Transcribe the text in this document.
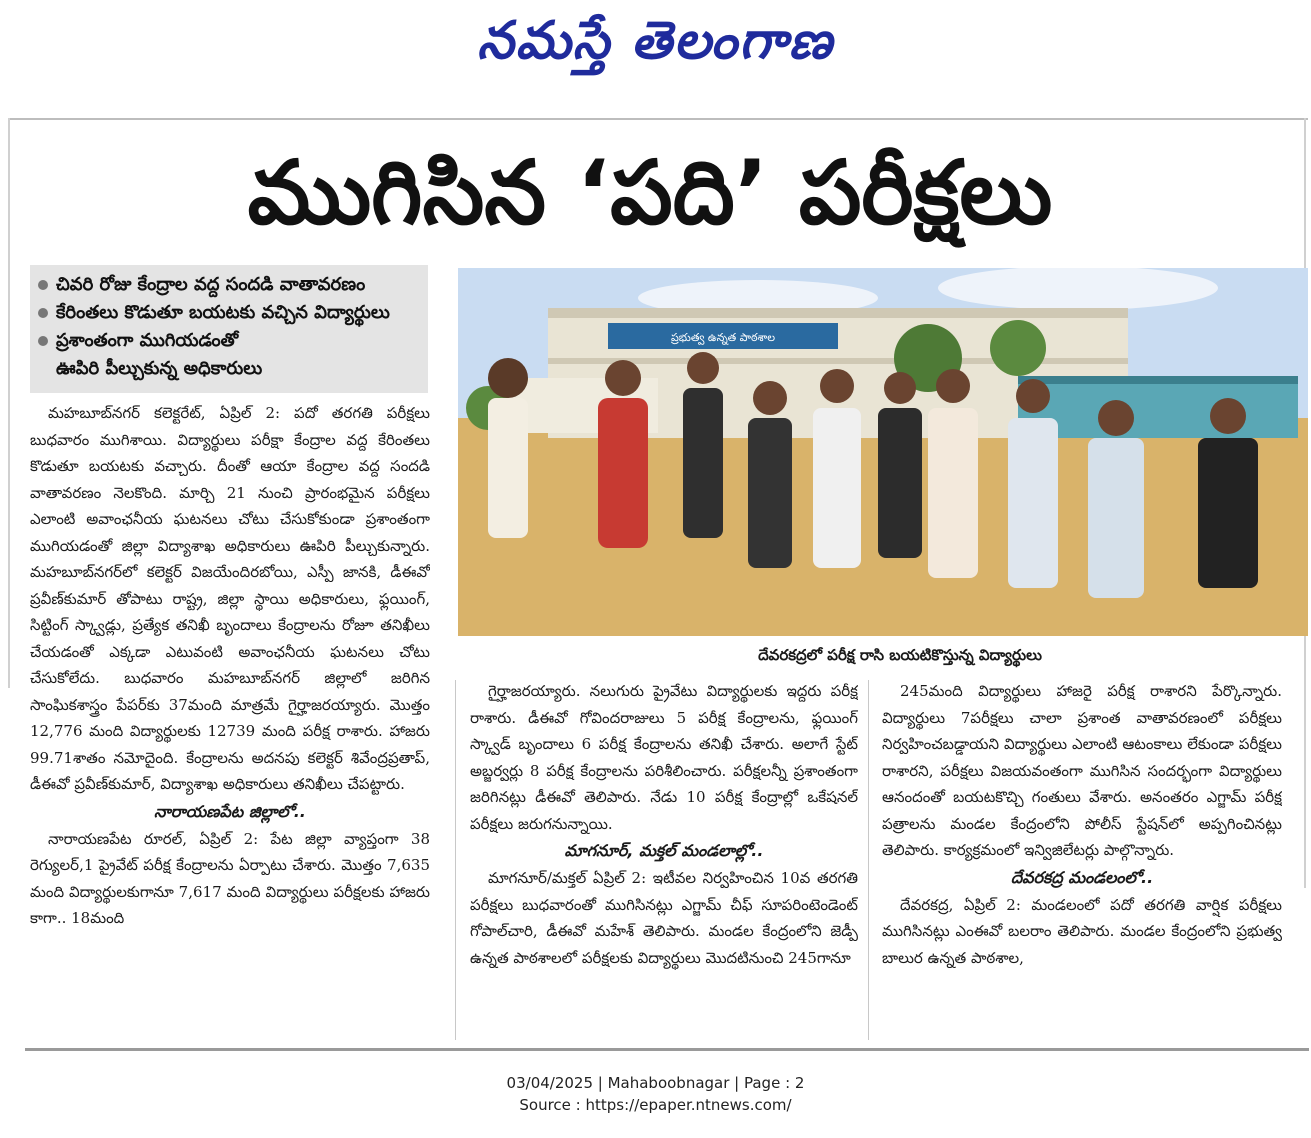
నమస్తే తెలంగాణ
ముగిసిన ‘పది’ పరీక్షలు
చివరి రోజు కేంద్రాల వద్ద సందడి వాతావరణం
కేరింతలు కొడుతూ బయటకు వచ్చిన విద్యార్థులు
ప్రశాంతంగా ముగియడంతో
ఊపిరి పీల్చుకున్న అధికారులు
ప్రభుత్వ ఉన్నత పాఠశాల
దేవరకద్రలో పరీక్ష రాసి బయటికొస్తున్న విద్యార్థులు

మహబూబ్‌నగర్ కలెక్టరేట్, ఏప్రిల్ 2: పదో తరగతి పరీక్షలు బుధవారం ముగిశాయి. విద్యార్థులు పరీక్షా కేంద్రాల వద్ద కేరింతలు కొడుతూ బయటకు వచ్చారు. దీంతో ఆయా కేంద్రాల వద్ద సందడి వాతావరణం నెలకొంది. మార్చి 21 నుంచి ప్రారంభమైన పరీక్షలు ఎలాంటి అవాంఛనీయ ఘటనలు చోటు చేసుకోకుండా ప్రశాంతంగా ముగియడంతో జిల్లా విద్యాశాఖ అధికారులు ఊపిరి పీల్చుకున్నారు. మహబూబ్‌నగర్‌లో కలెక్టర్ విజయేందిరబోయి, ఎస్పీ జానకి, డీఈవో ప్రవీణ్‌కుమార్ తోపాటు రాష్ట్ర, జిల్లా స్థాయి అధికారులు, ఫ్లయింగ్, సిట్టింగ్ స్క్వాడ్లు, ప్రత్యేక తనిఖీ బృందాలు కేంద్రాలను రోజూ తనిఖీలు చేయడంతో ఎక్కడా ఎటువంటి అవాంఛనీయ ఘటనలు చోటు చేసుకోలేదు. బుధవారం మహబూబ్‌నగర్ జిల్లాలో జరిగిన సాంఘికశాస్త్రం పేపర్‌కు 37మంది మాత్రమే గైర్హాజరయ్యారు. మొత్తం 12,776 మంది విద్యార్థులకు 12739 మంది పరీక్ష రాశారు. హాజరు 99.71శాతం నమోదైంది. కేంద్రాలను అదనపు కలెక్టర్ శివేంద్రప్రతాప్, డీఈవో ప్రవీణ్‌కుమార్, విద్యాశాఖ అధికారులు తనిఖీలు చేపట్టారు.

నారాయణపేట జిల్లాలో..

నారాయణపేట రూరల్, ఏప్రిల్ 2: పేట జిల్లా వ్యాప్తంగా 38 రెగ్యులర్,1 ప్రైవేట్ పరీక్ష కేంద్రాలను ఏర్పాటు చేశారు. మొత్తం 7,635 మంది విద్యార్థులకుగానూ 7,617 మంది విద్యార్థులు పరీక్షలకు హాజరు కాగా.. 18మంది

గైర్హాజరయ్యారు. నలుగురు ప్రైవేటు విద్యార్థులకు ఇద్దరు పరీక్ష రాశారు. డీఈవో గోవిందరాజులు 5 పరీక్ష కేంద్రాలను, ఫ్లయింగ్ స్క్వాడ్ బృందాలు 6 పరీక్ష కేంద్రాలను తనిఖీ చేశారు. అలాగే స్టేట్ అబ్జర్వర్లు 8 పరీక్ష కేంద్రాలను పరిశీలించారు. పరీక్షలన్నీ ప్రశాంతంగా జరిగినట్లు డీఈవో తెలిపారు. నేడు 10 పరీక్ష కేంద్రాల్లో ఒకేషనల్ పరీక్షలు జరుగనున్నాయి.

మాగనూర్, మక్తల్ మండలాల్లో..

మాగనూర్/మక్తల్ ఏప్రిల్ 2: ఇటీవల నిర్వహించిన 10వ తరగతి పరీక్షలు బుధవారంతో ముగిసినట్లు ఎగ్జామ్ చీఫ్ సూపరింటెండెంట్ గోపాల్‌చారి, డీఈవో మహేశ్ తెలిపారు. మండల కేంద్రంలోని జెడ్పీ ఉన్నత పాఠశాలలో పరీక్షలకు విద్యార్థులు మొదటినుంచి 245గానూ

245మంది విద్యార్థులు హాజరై పరీక్ష రాశారని పేర్కొన్నారు. విద్యార్థులు 7పరీక్షలు చాలా ప్రశాంత వాతావరణంలో పరీక్షలు నిర్వహించబడ్డాయని విద్యార్థులు ఎలాంటి ఆటంకాలు లేకుండా పరీక్షలు రాశారని, పరీక్షలు విజయవంతంగా ముగిసిన సందర్భంగా విద్యార్థులు ఆనందంతో బయటకొచ్చి గంతులు వేశారు. అనంతరం ఎగ్జామ్ పరీక్ష పత్రాలను మండల కేంద్రంలోని పోలీస్ స్టేషన్‌లో అప్పగించినట్లు తెలిపారు. కార్యక్రమంలో ఇన్విజిలేటర్లు పాల్గొన్నారు.

దేవరకద్ర మండలంలో..

దేవరకద్ర, ఏప్రిల్ 2: మండలంలో పదో తరగతి వార్షిక పరీక్షలు ముగిసినట్లు ఎంఈవో బలరాం తెలిపారు. మండల కేంద్రంలోని ప్రభుత్వ బాలుర ఉన్నత పాఠశాల,

03/04/2025 | Mahaboobnagar | Page : 2
Source : https://epaper.ntnews.com/
